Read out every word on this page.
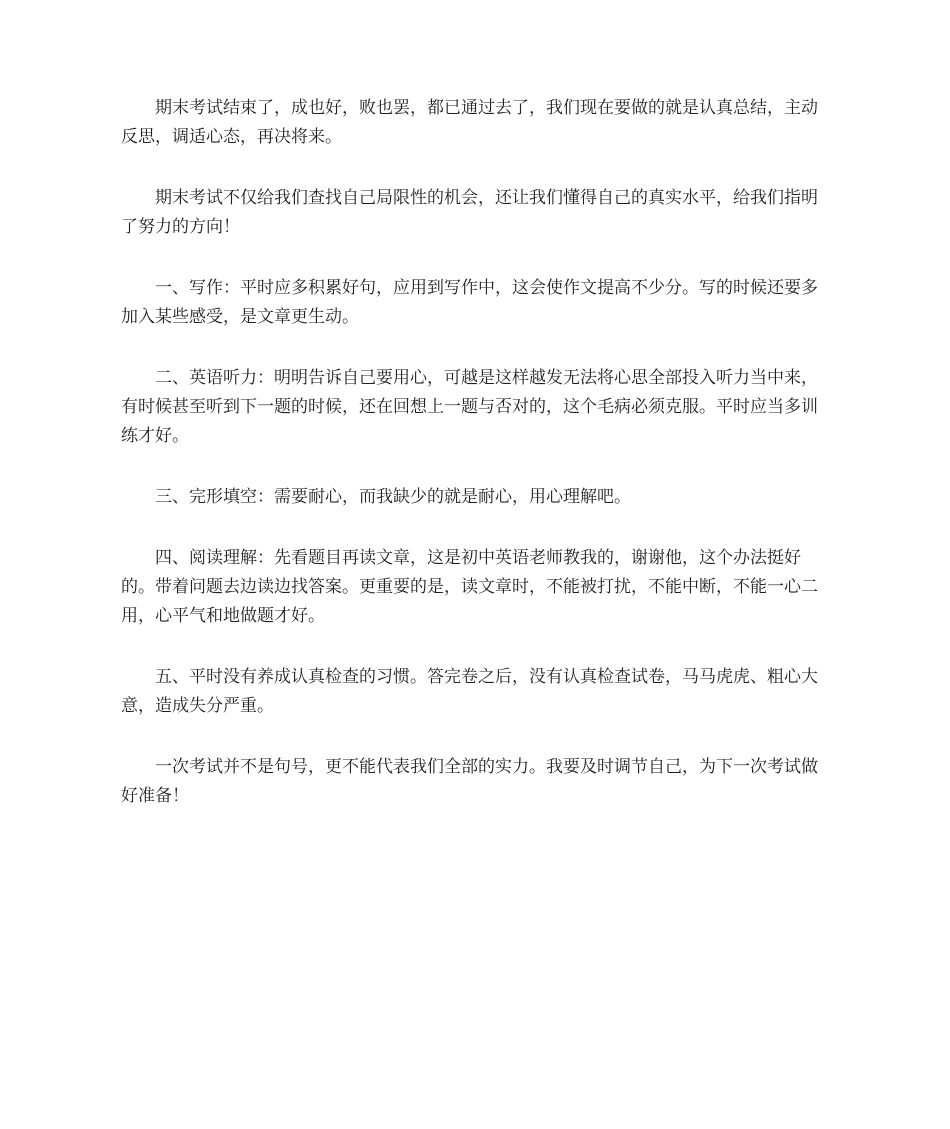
期末考试结束了，成也好，败也罢，都已通过去了，我们现在要做的就是认真总结，主动反思，调适心态，再决将来。

期末考试不仅给我们查找自己局限性的机会，还让我们懂得自己的真实水平，给我们指明了努力的方向！

一、写作：平时应多积累好句，应用到写作中，这会使作文提高不少分。写的时候还要多加入某些感受，是文章更生动。

二、英语听力：明明告诉自己要用心，可越是这样越发无法将心思全部投入听力当中来，有时候甚至听到下一题的时候，还在回想上一题与否对的，这个毛病必须克服。平时应当多训练才好。

三、完形填空：需要耐心，而我缺少的就是耐心，用心理解吧。

四、阅读理解：先看题目再读文章，这是初中英语老师教我的，谢谢他，这个办法挺好的。带着问题去边读边找答案。更重要的是，读文章时，不能被打扰，不能中断，不能一心二用，心平气和地做题才好。

五、平时没有养成认真检查的习惯。答完卷之后，没有认真检查试卷，马马虎虎、粗心大意，造成失分严重。

一次考试并不是句号，更不能代表我们全部的实力。我要及时调节自己，为下一次考试做好准备！
